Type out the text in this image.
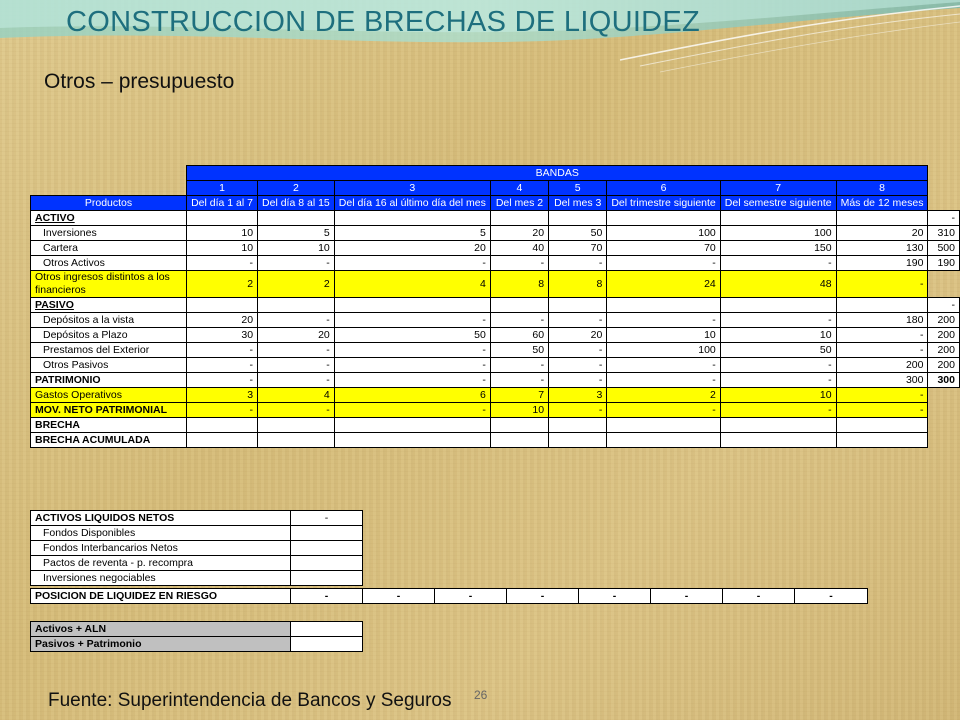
CONSTRUCCION DE BRECHAS DE LIQUIDEZ
Otros – presupuesto
	BANDAS								
	1	2	3	4	5	6	7	8	
Productos	Del día 1 al 7	Del día 8 al 15	Del día 16 al último día del mes	Del mes 2	Del mes 3	Del trimestre siguiente	Del semestre siguiente	Más de 12 meses	
ACTIVO									-
Inversiones	10	5	5	20	50	100	100	20	310
Cartera	10	10	20	40	70	70	150	130	500
Otros Activos	-	-	-	-	-	-	-	190	190
Otros ingresos distintos a los financieros	2	2	4	8	8	24	48	-	
PASIVO									-
Depósitos a la vista	20	-	-	-	-	-	-	180	200
Depósitos a Plazo	30	20	50	60	20	10	10	-	200
Prestamos del Exterior	-	-	-	50	-	100	50	-	200
Otros Pasivos	-	-	-	-	-	-	-	200	200
PATRIMONIO	-	-	-	-	-	-	-	300	300
Gastos Operativos	3	4	6	7	3	2	10	-	
MOV. NETO PATRIMONIAL	-	-	-	10	-	-	-	-	
BRECHA									
BRECHA ACUMULADA									
ACTIVOS LIQUIDOS NETOS	-
Fondos Disponibles	
Fondos Interbancarios Netos	
Pactos de reventa - p. recompra	
Inversiones negociables	
POSICION DE LIQUIDEZ EN RIESGO	-	-	-	-	-	-	-	-
Activos + ALN	
Pasivos + Patrimonio	

Fuente: Superintendencia de Bancos y Seguros 26
